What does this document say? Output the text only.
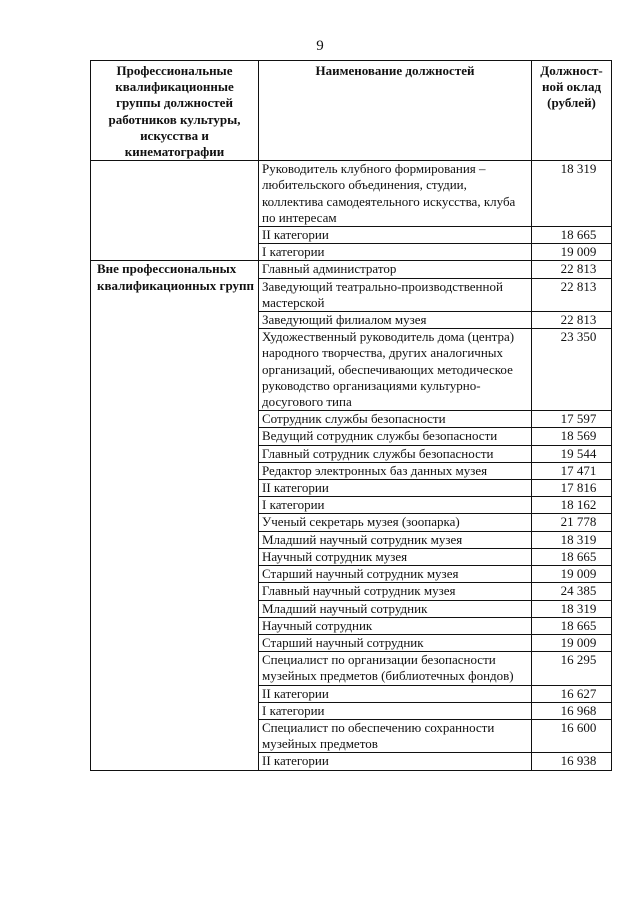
9
Профессиональные квалификационные группы должностей работников культуры, искусства и кинематографии	Наименование должностей	Должност-ной оклад (рублей)
	Руководитель клубного формирования – любительского объединения, студии, коллектива самодеятельного искусства, клуба по интересам	18 319
	II категории	18 665
	I категории	19 009
Вне профессиональных квалификационных групп	Главный администратор	22 813
	Заведующий театрально-производственной мастерской	22 813
	Заведующий филиалом музея	22 813
	Художественный руководитель дома (центра) народного творчества, других аналогичных организаций, обеспечивающих методическое руководство организациями культурно-досугового типа	23 350
	Сотрудник службы безопасности	17 597
	Ведущий сотрудник службы безопасности	18 569
	Главный сотрудник службы безопасности	19 544
	Редактор электронных баз данных музея	17 471
	II категории	17 816
	I категории	18 162
	Ученый секретарь музея (зоопарка)	21 778
	Младший научный сотрудник музея	18 319
	Научный сотрудник музея	18 665
	Старший научный сотрудник музея	19 009
	Главный научный сотрудник музея	24 385
	Младший научный сотрудник	18 319
	Научный сотрудник	18 665
	Старший научный сотрудник	19 009
	Специалист по организации безопасности музейных предметов (библиотечных фондов)	16 295
	II категории	16 627
	I категории	16 968
	Специалист по обеспечению сохранности музейных предметов	16 600
	II категории	16 938
